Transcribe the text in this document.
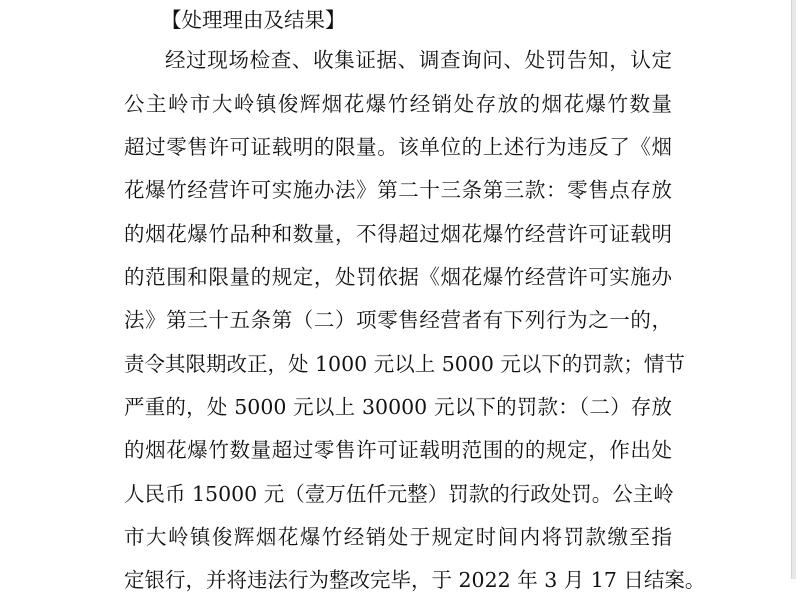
【处理理由及结果】
经过现场检查、收集证据、调查询问、处罚告知，认定
公主岭市大岭镇俊辉烟花爆竹经销处存放的烟花爆竹数量
超过零售许可证载明的限量。该单位的上述行为违反了《烟
花爆竹经营许可实施办法》第二十三条第三款：零售点存放
的烟花爆竹品种和数量，不得超过烟花爆竹经营许可证载明
的范围和限量的规定，处罚依据《烟花爆竹经营许可实施办
法》第三十五条第（二）项零售经营者有下列行为之一的，
责令其限期改正，处 1000 元以上 5000 元以下的罚款；情节
严重的，处 5000 元以上 30000 元以下的罚款：（二）存放
的烟花爆竹数量超过零售许可证载明范围的的规定，作出处
人民币 15000 元（壹万伍仟元整）罚款的行政处罚。公主岭
市大岭镇俊辉烟花爆竹经销处于规定时间内将罚款缴至指
定银行，并将违法行为整改完毕，于 2022 年 3 月 17 日结案。
